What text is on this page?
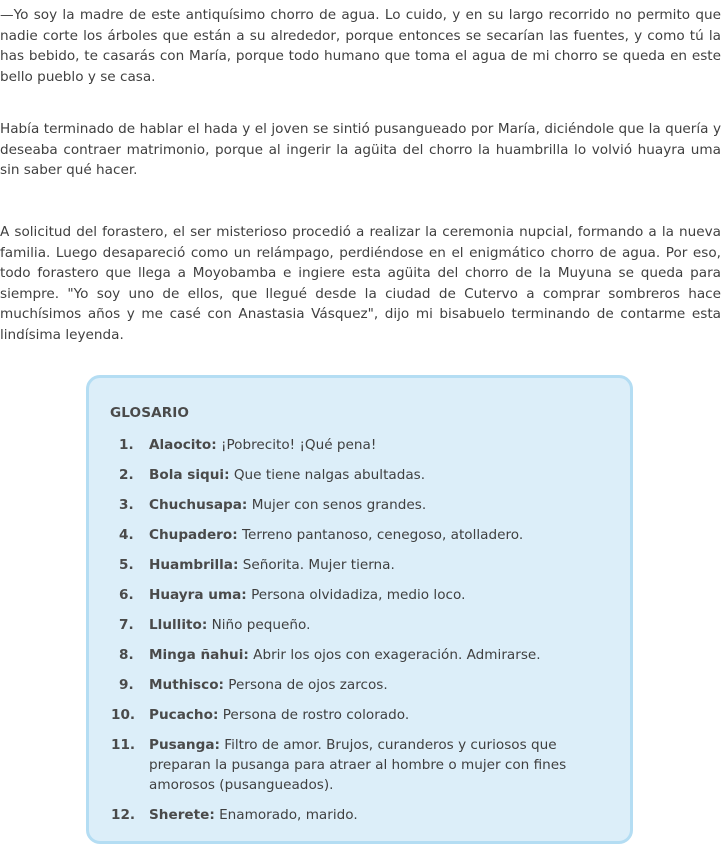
—Yo soy la madre de este antiquísimo chorro de agua. Lo cuido, y en su largo recorrido no permito que nadie corte los árboles que están a su alrededor, porque entonces se secarían las fuentes, y como tú la has bebido, te casarás con María, porque todo humano que toma el agua de mi chorro se queda en este bello pueblo y se casa.

Había terminado de hablar el hada y el joven se sintió pusangueado por María, diciéndole que la quería y deseaba contraer matrimonio, porque al ingerir la agüita del chorro la huambrilla lo volvió huayra uma sin saber qué hacer.

A solicitud del forastero, el ser misterioso procedió a realizar la ceremonia nupcial, formando a la nueva familia. Luego desapareció como un relámpago, perdiéndose en el enigmático chorro de agua. Por eso, todo forastero que llega a Moyobamba e ingiere esta agüita del chorro de la Muyuna se queda para siempre. "Yo soy uno de ellos, que llegué desde la ciudad de Cutervo a comprar sombreros hace muchísimos años y me casé con Anastasia Vásquez", dijo mi bisabuelo terminando de contarme esta lindísima leyenda.

GLOSARIO
1. Alaocito: ¡Pobrecito! ¡Qué pena!
2. Bola siqui: Que tiene nalgas abultadas.
3. Chuchusapa: Mujer con senos grandes.
4. Chupadero: Terreno pantanoso, cenegoso, atolladero.
5. Huambrilla: Señorita. Mujer tierna.
6. Huayra uma: Persona olvidadiza, medio loco.
7. Llullito: Niño pequeño.
8. Minga ñahui: Abrir los ojos con exageración. Admirarse.
9. Muthisco: Persona de ojos zarcos.
10. Pucacho: Persona de rostro colorado.
11. Pusanga: Filtro de amor. Brujos, curanderos y curiosos que preparan la pusanga para atraer al hombre o mujer con fines amorosos (pusangueados).
12. Sherete: Enamorado, marido.
